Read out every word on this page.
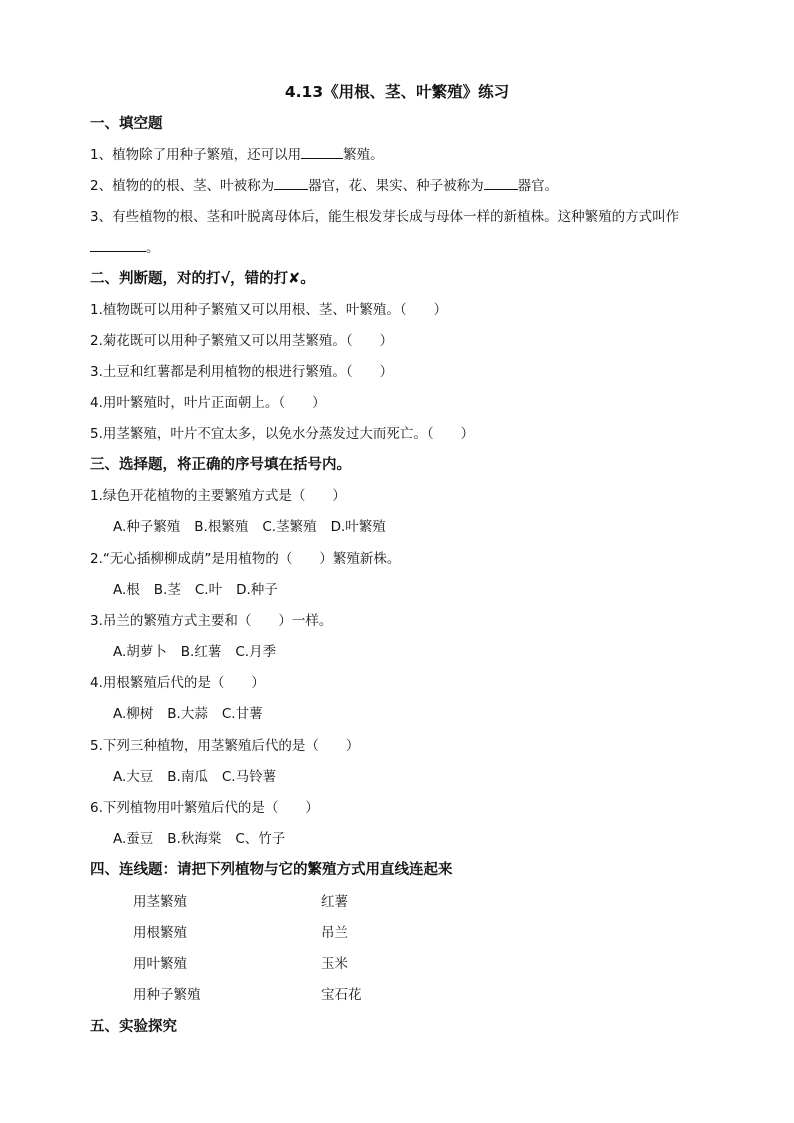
4.13《用根、茎、叶繁殖》练习
一、填空题
1、植物除了用种子繁殖，还可以用	繁殖。
2、植物的的根、茎、叶被称为	器官，花、果实、种子被称为	器官。
3、有些植物的根、茎和叶脱离母体后，能生根发芽长成与母体一样的新植株。这种繁殖的方式叫作
。
二、判断题，对的打√，错的打✘。
1.植物既可以用种子繁殖又可以用根、茎、叶繁殖。（　　）
2.菊花既可以用种子繁殖又可以用茎繁殖。（　　）
3.土豆和红薯都是利用植物的根进行繁殖。（　　）
4.用叶繁殖时，叶片正面朝上。（　　）
5.用茎繁殖，叶片不宜太多，以免水分蒸发过大而死亡。（　　）
三、选择题，将正确的序号填在括号内。
1.绿色开花植物的主要繁殖方式是（　　）
A.种子繁殖 B.根繁殖 C.茎繁殖 D.叶繁殖
2.“无心插柳柳成荫”是用植物的（　　）繁殖新株。
A.根 B.茎 C.叶 D.种子
3.吊兰的繁殖方式主要和（　　）一样。
A.胡萝卜 B.红薯 C.月季
4.用根繁殖后代的是（　　）
A.柳树 B.大蒜 C.甘薯
5.下列三种植物，用茎繁殖后代的是（　　）
A.大豆 B.南瓜 C.马铃薯
6.下列植物用叶繁殖后代的是（　　）
A.蚕豆 B.秋海棠 C、竹子
四、连线题：请把下列植物与它的繁殖方式用直线连起来
用茎繁殖	红薯
用根繁殖	吊兰
用叶繁殖	玉米
用种子繁殖	宝石花
五、实验探究
